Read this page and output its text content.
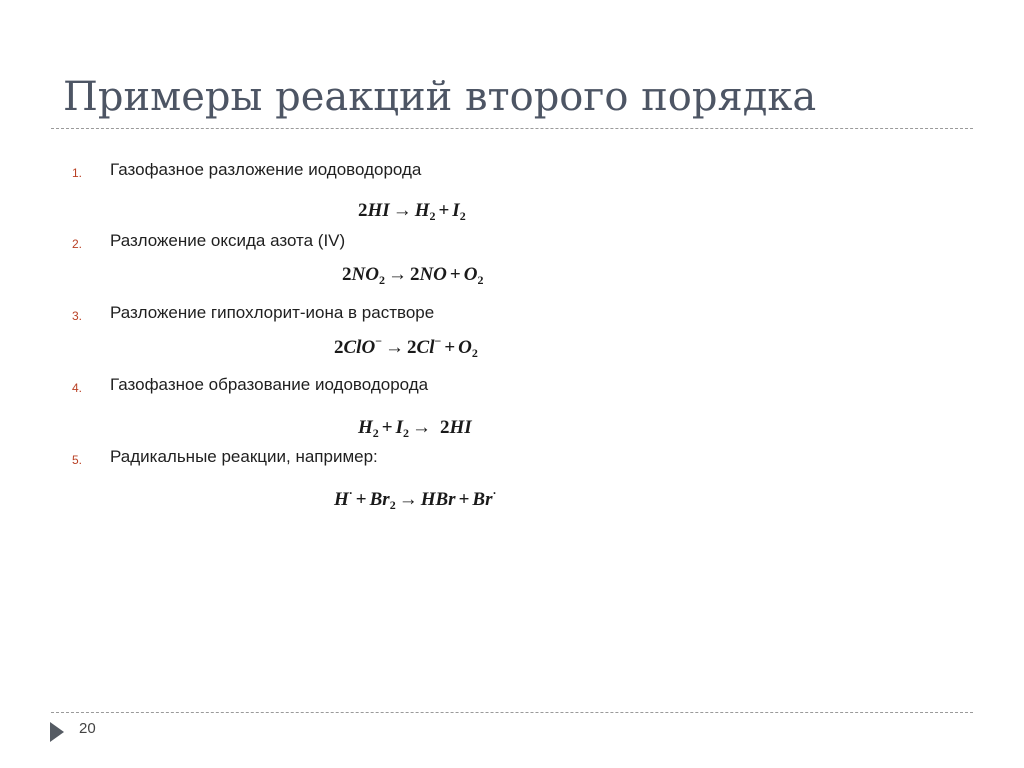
Примеры реакций второго порядка
1. Газофазное разложение иодоводорода
$2HI \to H_2 + I_2$
2. Разложение оксида азота (IV)
$2NO_2 \to 2NO + O_2$
3. Разложение гипохлорит-иона в растворе
$2ClO^- \to 2Cl^- + O_2$
4. Газофазное образование иодоводорода
$H_2 + I_2 \to 2HI$
5. Радикальные реакции, например:
$H^\cdot + Br_2$ → HBr + Br·
20
